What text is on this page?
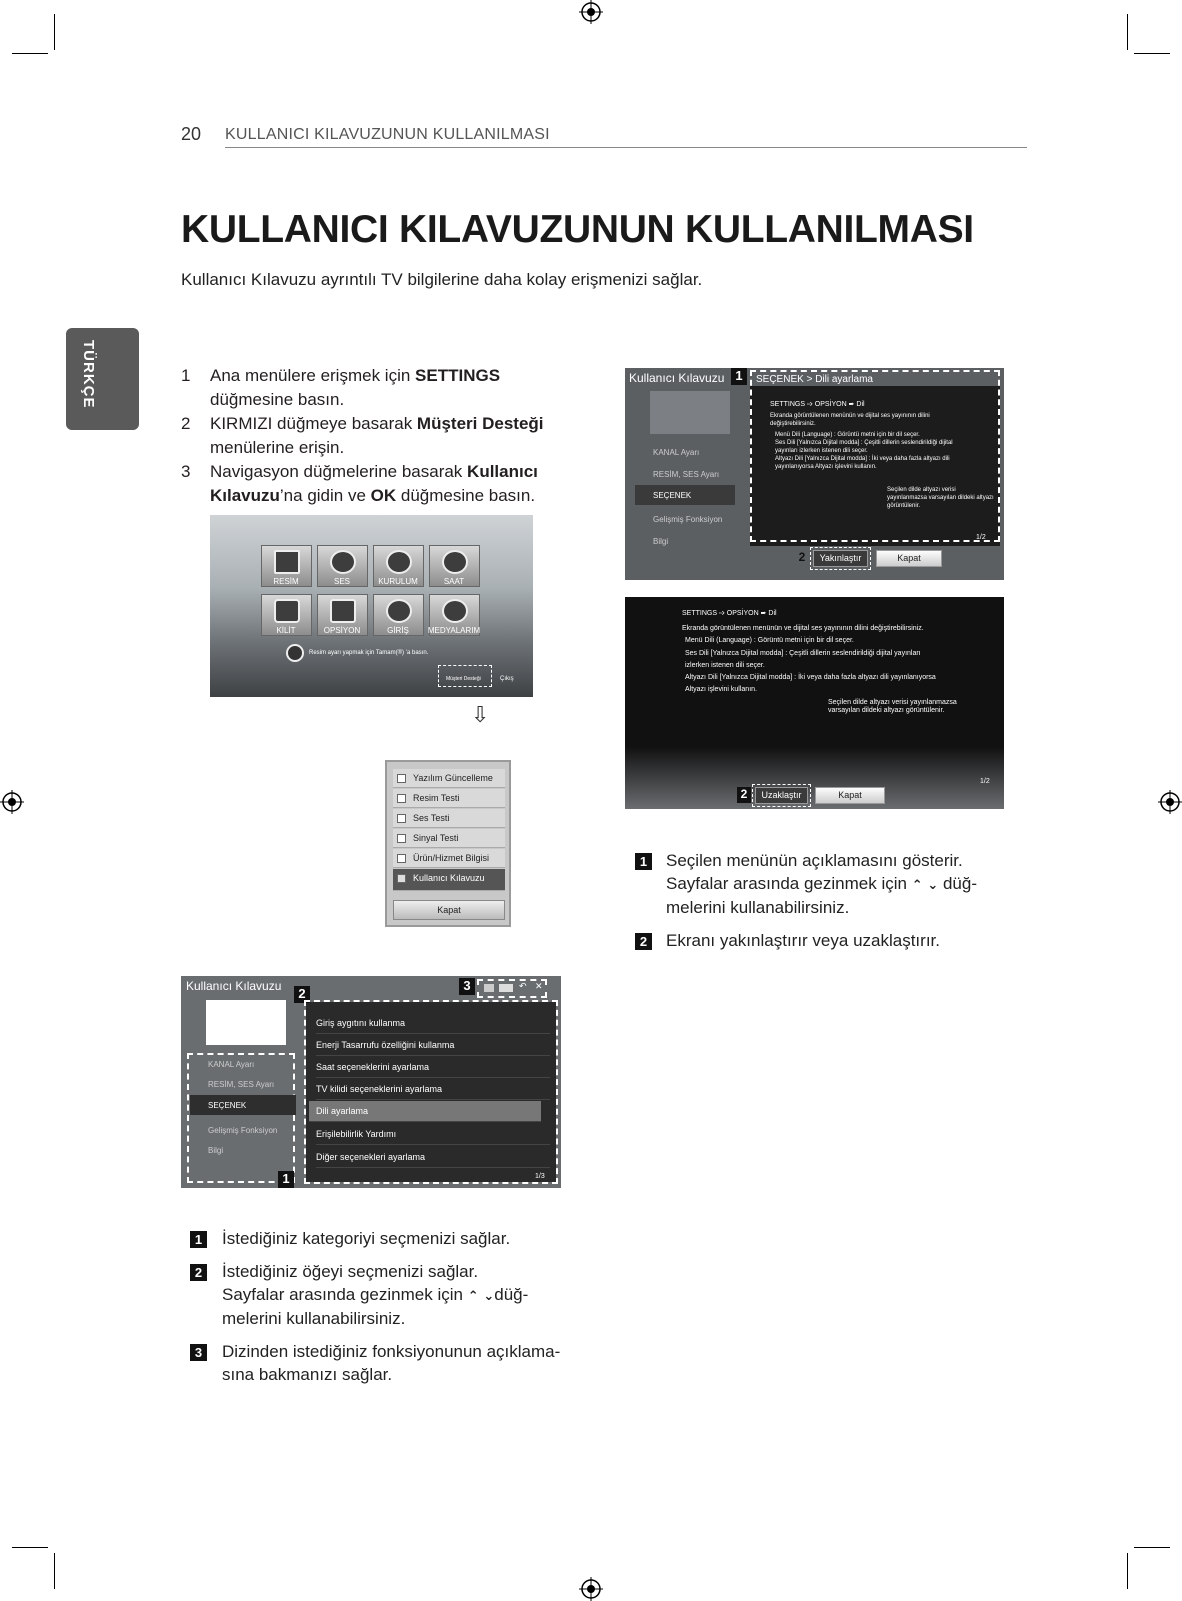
20 KULLANICI KILAVUZUNUN KULLANILMASI
TÜRKÇE
KULLANICI KILAVUZUNUN KULLANILMASI

Kullanıcı Kılavuzu ayrıntılı TV bilgilerine daha kolay erişmenizi sağlar.

1 Ana menülere erişmek için SETTINGS düğmesine basın.
2 KIRMIZI düğmeye basarak Müşteri Desteği menülerine erişin.
3 Navigasyon düğmelerine basarak Kullanıcı Kılavuzu’na gidin ve OK düğmesine basın.
RESİM	SES	KURULUM	SAAT
KİLİT	OPSİYON	GİRİŞ	MEDYALARIM
Resim ayarı yapmak için Tamam(®) ’a basın.
Müşteri Desteği	Çıkış
⇩
Yazılım Güncelleme
Resim Testi
Ses Testi
Sinyal Testi
Ürün/Hizmet Bilgisi
Kullanıcı Kılavuzu
Kapat
Kullanıcı Kılavuzu
KANAL Ayarı
RESİM, SES Ayarı
SEÇENEK
Gelişmiş Fonksiyon
Bilgi
1	SEÇENEK > Dili ayarlama
SETTINGS ➩ OPSİYON ➨ Dil
Ekranda görüntülenen menünün ve dijital ses yayınının dilini değiştirebilirsiniz.
Menü Dili (Language) : Görüntü metni için bir dil seçer.
Ses Dili [Yalnızca Dijital modda] : Çeşitli dillerin seslendirildiği dijital yayınları izlerken istenen dili seçer.
Altyazı Dili [Yalnızca Dijital modda] : İki veya daha fazla altyazı dili yayınlanıyorsa Altyazı işlevini kullanın.
Seçilen dilde altyazı verisi yayınlanmazsa varsayılan dildeki altyazı görüntülenir.
1/2
2	Yakınlaştır	Kapat
SETTINGS ➩ OPSİYON ➨ Dil
Ekranda görüntülenen menünün ve dijital ses yayınının dilini değiştirebilirsiniz.
Menü Dili (Language) : Görüntü metni için bir dil seçer.
Ses Dili [Yalnızca Dijital modda] : Çeşitli dillerin seslendirildiği dijital yayınları izlerken istenen dili seçer.
Altyazı Dili [Yalnızca Dijital modda] : İki veya daha fazla altyazı dili yayınlanıyorsa Altyazı işlevini kullanın.
Seçilen dilde altyazı verisi yayınlanmazsa varsayılan dildeki altyazı görüntülenir.
1/2
2	Uzaklaştır	Kapat
1 Seçilen menünün açıklamasını gösterir.
Sayfalar arasında gezinmek için ⌃ ⌄ düğ-
melerini kullanabilirsiniz.
2 Ekranı yakınlaştırır veya uzaklaştırır.
Kullanıcı Kılavuzu
KANAL Ayarı
RESİM, SES Ayarı
SEÇENEK
Gelişmiş Fonksiyon
Bilgi
1
2
3	↶ ✕
Giriş aygıtını kullanma
Enerji Tasarrufu özelliğini kullanma
Saat seçeneklerini ayarlama
TV kilidi seçeneklerini ayarlama
Dili ayarlama
Erişilebilirlik Yardımı
Diğer seçenekleri ayarlama
1/3
1 İstediğiniz kategoriyi seçmenizi sağlar.
2 İstediğiniz öğeyi seçmenizi sağlar.
Sayfalar arasında gezinmek için ⌃ ⌄düğ-
melerini kullanabilirsiniz.
3 Dizinden istediğiniz fonksiyonunun açıklama-
sına bakmanızı sağlar.
